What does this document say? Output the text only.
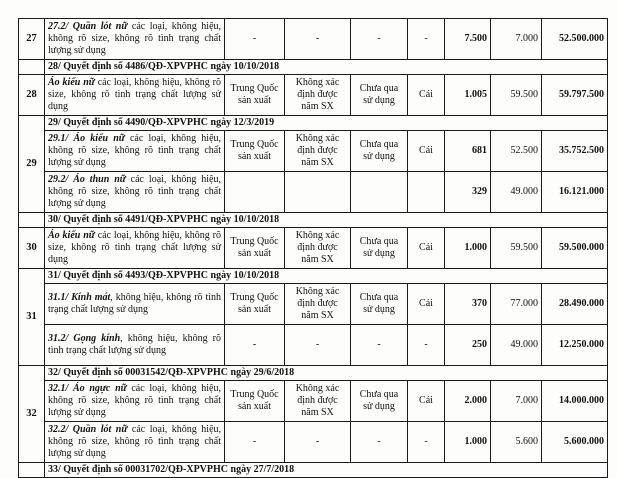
27	27.2/ Quần lót nữ các loại, không hiệu, không rõ size, không rõ tình trạng chất lượng sử dụng	-	-	-	-	7.500	7.000	52.500.000
	28/ Quyết định số 4486/QĐ-XPVPHC ngày 10/10/2018							
28	Áo kiểu nữ các loại, không hiệu, không rõ size, không rõ tình trạng chất lượng sử dụng	Trung Quốc sản xuất	Không xác định được năm SX	Chưa qua sử dụng	Cái	1.005	59.500	59.797.500
29	29/ Quyết định số 4490/QĐ-XPVPHC ngày 12/3/2019							
	29.1/ Áo kiểu nữ các loại, không hiệu, không rõ size, không rõ tình trạng chất lượng sử dụng	Trung Quốc sản xuất	Không xác định được năm SX	Chưa qua sử dụng	Cái	681	52.500	35.752.500
	29.2/ Áo thun nữ các loại, không hiệu, không rõ size, không rõ tình trạng chất lượng sử dụng					329	49.000	16.121.000
	30/ Quyết định số 4491/QĐ-XPVPHC ngày 10/10/2018							
30	Áo kiểu nữ các loại, không hiệu, không rõ size, không rõ tình trạng chất lượng sử dụng	Trung Quốc sản xuất	Không xác định được năm SX	Chưa qua sử dụng	Cái	1.000	59.500	59.500.000
31	31/ Quyết định số 4493/QĐ-XPVPHC ngày 10/10/2018							
	31.1/ Kính mát, không hiệu, không rõ tình trạng chất lượng sử dụng	Trung Quốc sản xuất	Không xác định được năm SX	Chưa qua sử dụng	Cái	370	77.000	28.490.000
	31.2/ Gọng kính, không hiệu, không rõ tình trạng chất lượng sử dụng	-	-	-	-	250	49.000	12.250.000
32	32/ Quyết định số 00031542/QĐ-XPVPHC ngày 29/6/2018							
	32.1/ Áo ngực nữ các loại, không hiệu, không rõ size, không rõ tình trạng chất lượng sử dụng	Trung Quốc sản xuất	Không xác định được năm SX	Chưa qua sử dụng	Cái	2.000	7.000	14.000.000
	32.2/ Quần lót nữ các loại, không hiệu, không rõ size, không rõ tình trạng chất lượng sử dụng	-	-	-	-	1.000	5.600	5.600.000
	33/ Quyết định số 00031702/QĐ-XPVPHC ngày 27/7/2018							
